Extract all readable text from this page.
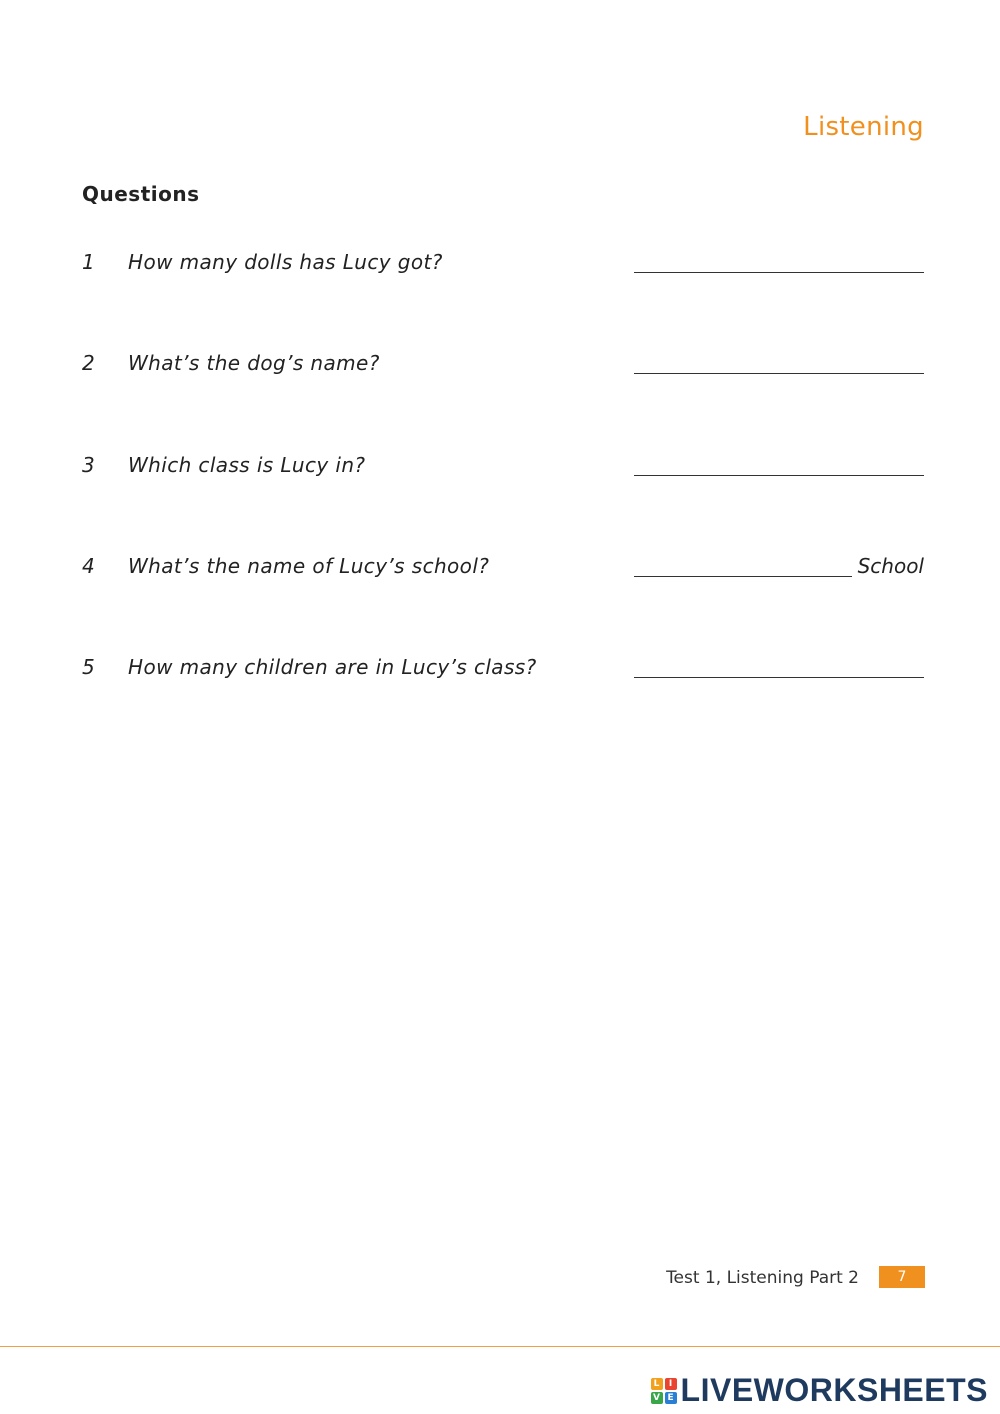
Listening
Questions
1 How many dolls has Lucy got?
2 What’s the dog’s name?
3 Which class is Lucy in?
4 What’s the name of Lucy’s school?	School
5 How many children are in Lucy’s class?
Test 1, Listening Part 2	7
L	I
V E LIVEWORKSHEETS
